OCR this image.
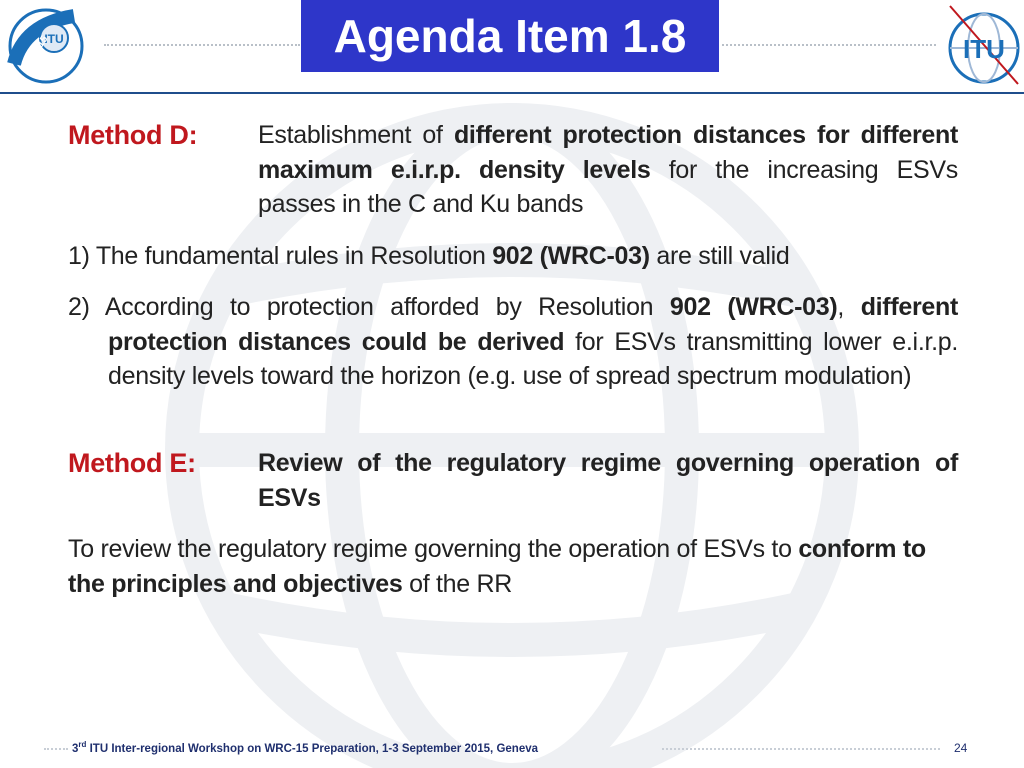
Agenda Item 1.8
ITU
WRC-15	ITU
Method D: Establishment of different protection distances for different maximum e.i.r.p. density levels for the increasing ESVs passes in the C and Ku bands
1) The fundamental rules in Resolution 902 (WRC-03) are still valid
2) According to protection afforded by Resolution 902 (WRC-03), different protection distances could be derived for ESVs transmitting lower e.i.r.p. density levels toward the horizon (e.g. use of spread spectrum modulation)
Method E: Review of the regulatory regime governing operation of ESVs
To review the regulatory regime governing the operation of ESVs to conform to the principles and objectives of the RR
3rd ITU Inter-regional Workshop on WRC-15 Preparation, 1-3 September 2015, Geneva	24
